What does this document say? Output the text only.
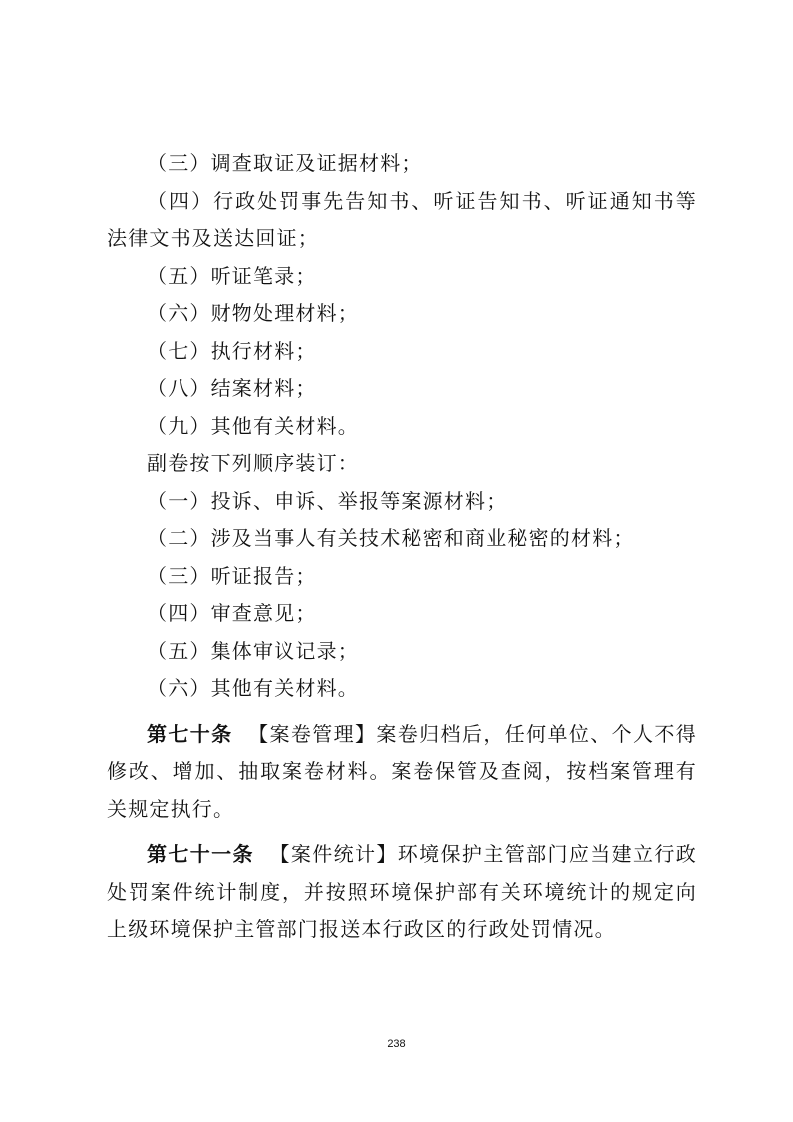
（三）调查取证及证据材料；
（四）行政处罚事先告知书、听证告知书、听证通知书等法律文书及送达回证；
（五）听证笔录；
（六）财物处理材料；
（七）执行材料；
（八）结案材料；
（九）其他有关材料。
副卷按下列顺序装订：
（一）投诉、申诉、举报等案源材料；
（二）涉及当事人有关技术秘密和商业秘密的材料；
（三）听证报告；
（四）审查意见；
（五）集体审议记录；
（六）其他有关材料。
第七十条 【案卷管理】案卷归档后，任何单位、个人不得修改、增加、抽取案卷材料。案卷保管及查阅，按档案管理有关规定执行。
第七十一条 【案件统计】环境保护主管部门应当建立行政处罚案件统计制度，并按照环境保护部有关环境统计的规定向上级环境保护主管部门报送本行政区的行政处罚情况。
238
